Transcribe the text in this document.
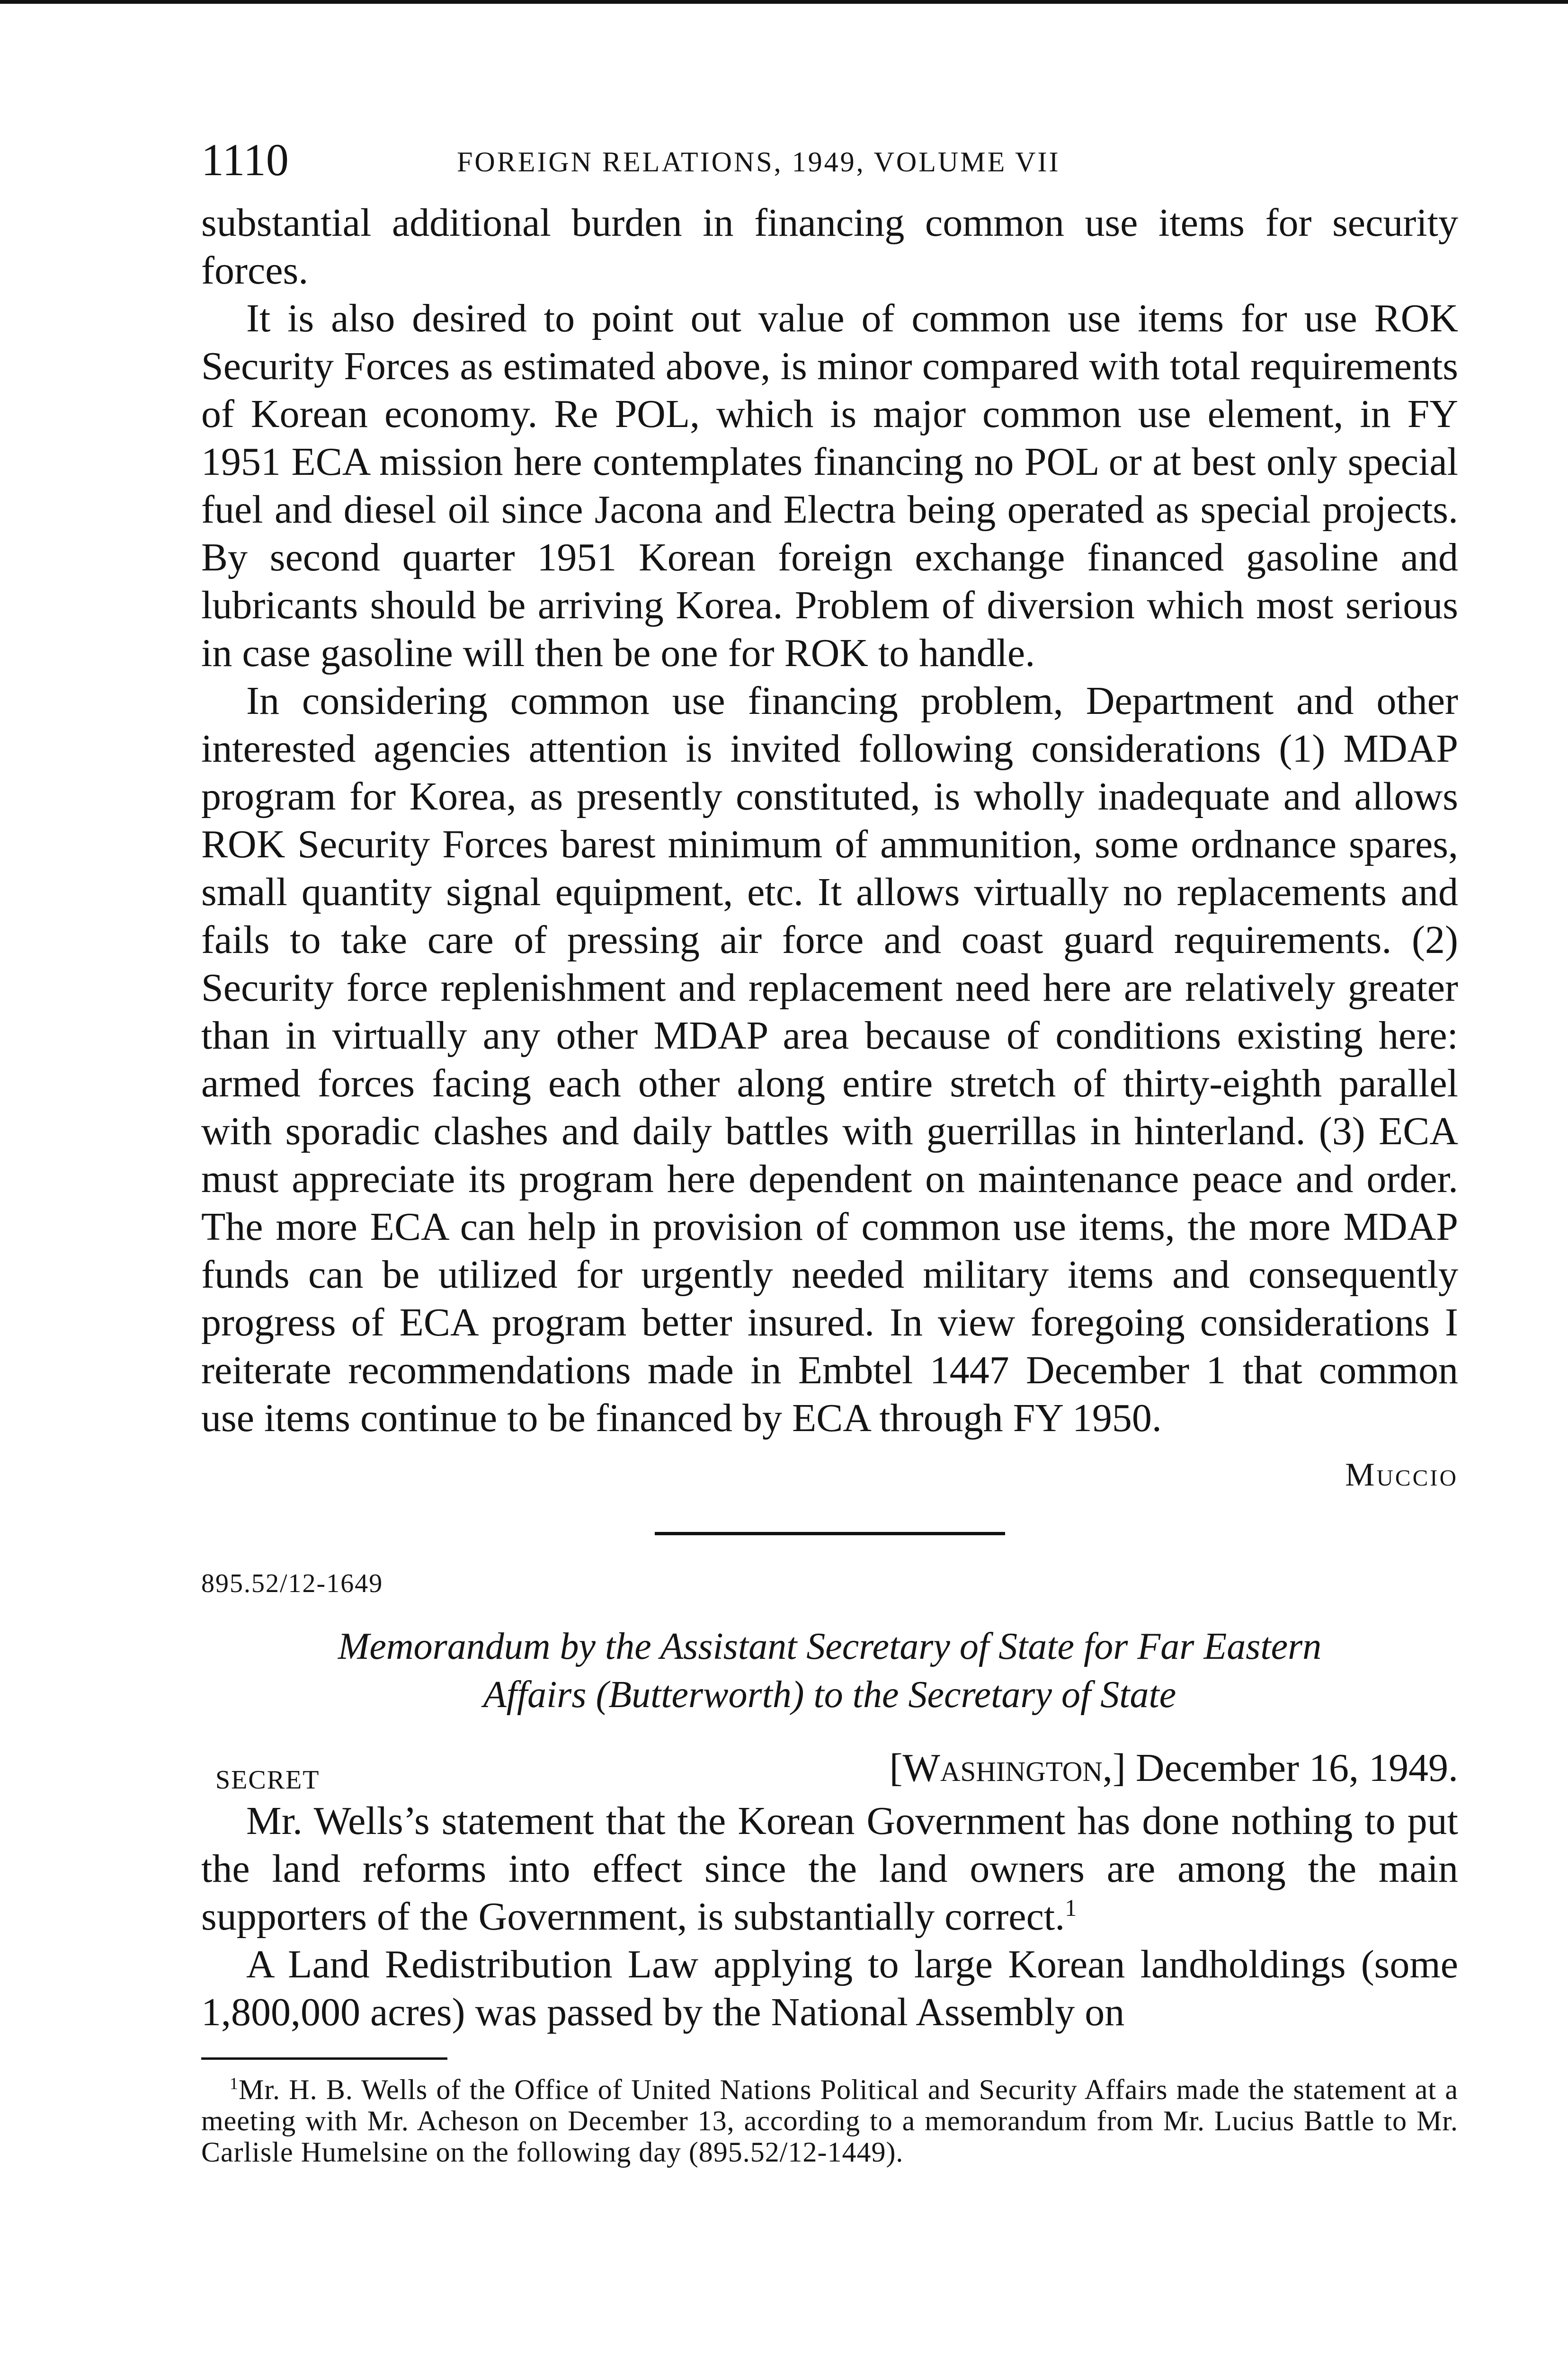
1110	FOREIGN RELATIONS, 1949, VOLUME VII

substantial additional burden in financing common use items for security forces.

It is also desired to point out value of common use items for use ROK Security Forces as estimated above, is minor compared with total requirements of Korean economy. Re POL, which is major common use element, in FY 1951 ECA mission here contemplates financing no POL or at best only special fuel and diesel oil since Jacona and Electra being operated as special projects. By second quarter 1951 Korean foreign exchange financed gasoline and lubricants should be arriving Korea. Problem of diversion which most serious in case gasoline will then be one for ROK to handle.

In considering common use financing problem, Department and other interested agencies attention is invited following considerations (1) MDAP program for Korea, as presently constituted, is wholly inadequate and allows ROK Security Forces barest minimum of ammunition, some ordnance spares, small quantity signal equipment, etc. It allows virtually no replacements and fails to take care of pressing air force and coast guard requirements. (2) Security force replenishment and replacement need here are relatively greater than in virtually any other MDAP area because of conditions existing here: armed forces facing each other along entire stretch of thirty-eighth parallel with sporadic clashes and daily battles with guerrillas in hinterland. (3) ECA must appreciate its program here dependent on maintenance peace and order. The more ECA can help in provision of common use items, the more MDAP funds can be utilized for urgently needed military items and consequently progress of ECA program better insured. In view foregoing considerations I reiterate recommendations made in Embtel 1447 December 1 that common use items continue to be financed by ECA through FY 1950.

Muccio
895.52/12-1649
Memorandum by the Assistant Secretary of State for Far Eastern
Affairs (Butterworth) to the Secretary of State
SECRET	[Washington,] December 16, 1949.

Mr. Wells’s statement that the Korean Government has done nothing to put the land reforms into effect since the land owners are among the main supporters of the Government, is substantially correct.$^1$

A Land Redistribution Law applying to large Korean landholdings (some 1,800,000 acres) was passed by the National Assembly on

$^1$Mr. H. B. Wells of the Office of United Nations Political and Security Affairs made the statement at a meeting with Mr. Acheson on December 13, according to a memorandum from Mr. Lucius Battle to Mr. Carlisle Humelsine on the following day (895.52/12-1449).
